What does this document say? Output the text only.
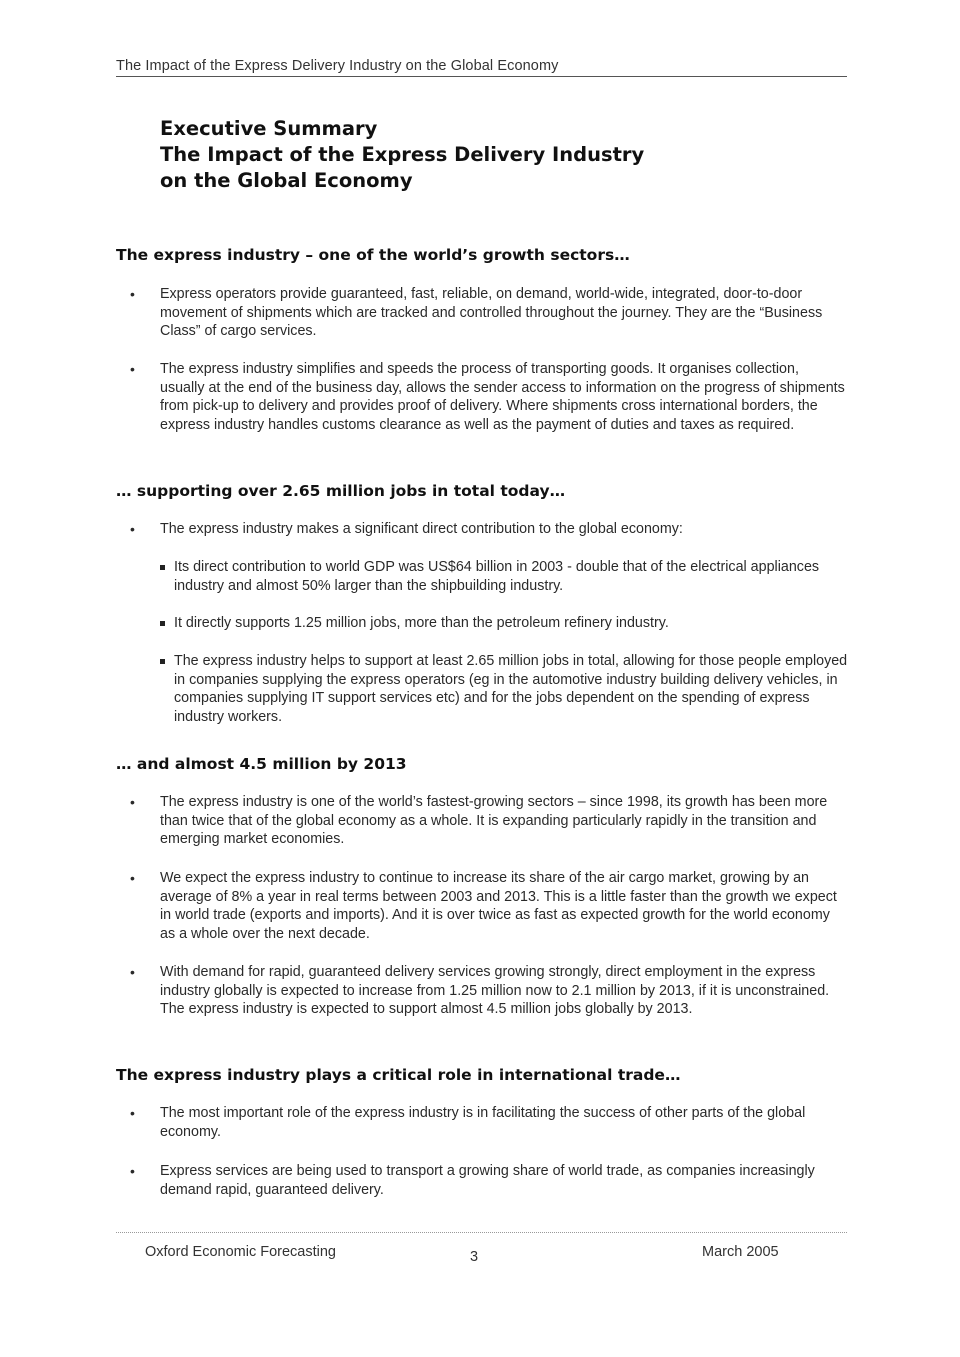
The Impact of the Express Delivery Industry on the Global Economy

Executive Summary

The Impact of the Express Delivery Industry

on the Global Economy

The express industry – one of the world’s growth sectors…
• Express operators provide guaranteed, fast, reliable, on demand, world-wide, integrated, door-to-door movement of shipments which are tracked and controlled throughout the journey. They are the “Business Class” of cargo services.
• The express industry simplifies and speeds the process of transporting goods. It organises collection, usually at the end of the business day, allows the sender access to information on the progress of shipments from pick-up to delivery and provides proof of delivery. Where shipments cross international borders, the express industry handles customs clearance as well as the payment of duties and taxes as required.
… supporting over 2.65 million jobs in total today…
• The express industry makes a significant direct contribution to the global economy:
Its direct contribution to world GDP was US$64 billion in 2003 - double that of the electrical appliances industry and almost 50% larger than the shipbuilding industry.
It directly supports 1.25 million jobs, more than the petroleum refinery industry.
The express industry helps to support at least 2.65 million jobs in total, allowing for those people employed in companies supplying the express operators (eg in the automotive industry building delivery vehicles, in companies supplying IT support services etc) and for the jobs dependent on the spending of express industry workers.
… and almost 4.5 million by 2013
• The express industry is one of the world’s fastest-growing sectors – since 1998, its growth has been more than twice that of the global economy as a whole. It is expanding particularly rapidly in the transition and emerging market economies.
• We expect the express industry to continue to increase its share of the air cargo market, growing by an average of 8% a year in real terms between 2003 and 2013. This is a little faster than the growth we expect in world trade (exports and imports). And it is over twice as fast as expected growth for the world economy as a whole over the next decade.
• With demand for rapid, guaranteed delivery services growing strongly, direct employment in the express industry globally is expected to increase from 1.25 million now to 2.1 million by 2013, if it is unconstrained. The express industry is expected to support almost 4.5 million jobs globally by 2013.
The express industry plays a critical role in international trade…
• The most important role of the express industry is in facilitating the success of other parts of the global economy.
• Express services are being used to transport a growing share of world trade, as companies increasingly demand rapid, guaranteed delivery.
Oxford Economic Forecasting	3	March 2005
